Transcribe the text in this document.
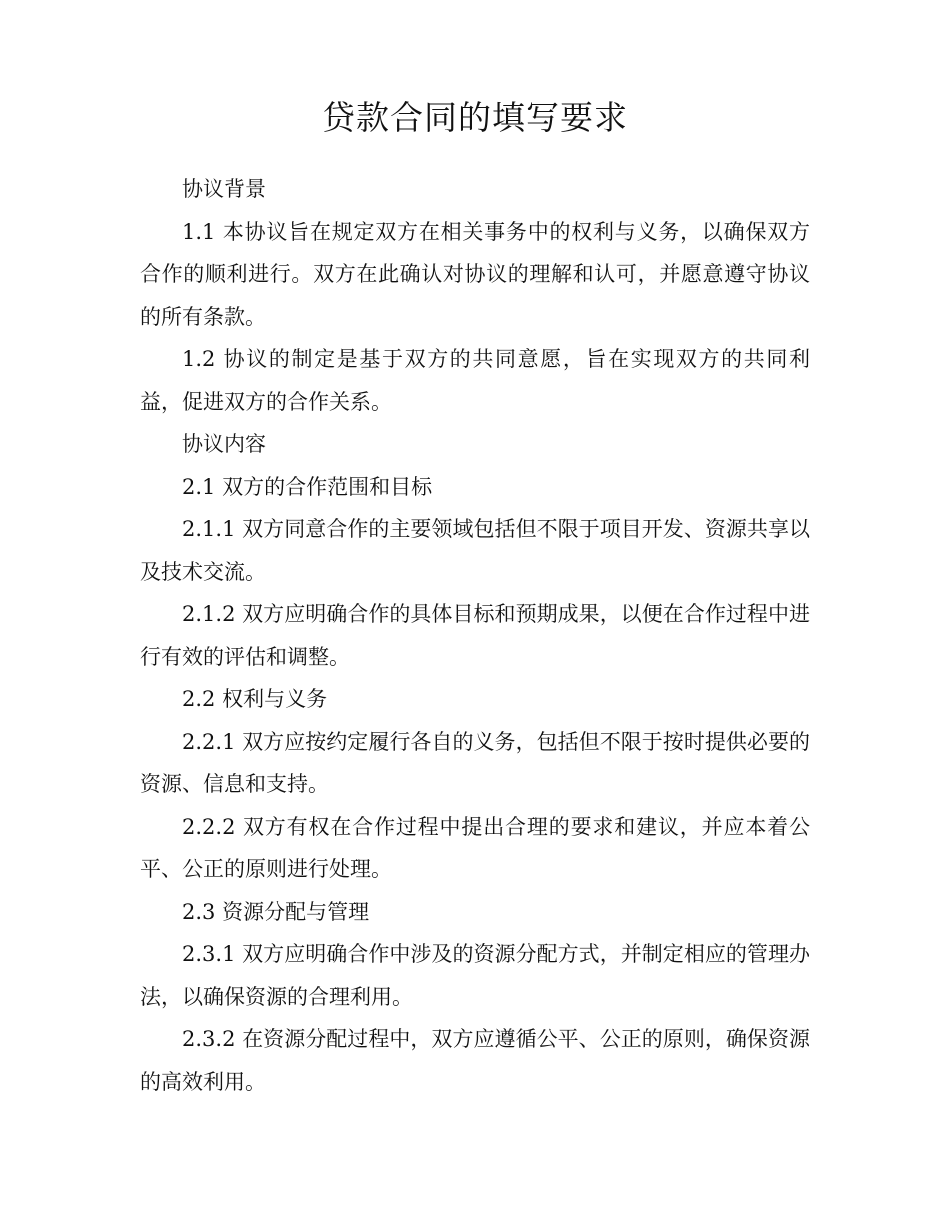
贷款合同的填写要求

协议背景

1.1 本协议旨在规定双方在相关事务中的权利与义务，以确保双方合作的顺利进行。双方在此确认对协议的理解和认可，并愿意遵守协议的所有条款。

1.2 协议的制定是基于双方的共同意愿，旨在实现双方的共同利益，促进双方的合作关系。

协议内容

2.1 双方的合作范围和目标

2.1.1 双方同意合作的主要领域包括但不限于项目开发、资源共享以及技术交流。

2.1.2 双方应明确合作的具体目标和预期成果，以便在合作过程中进行有效的评估和调整。

2.2 权利与义务

2.2.1 双方应按约定履行各自的义务，包括但不限于按时提供必要的资源、信息和支持。

2.2.2 双方有权在合作过程中提出合理的要求和建议，并应本着公平、公正的原则进行处理。

2.3 资源分配与管理

2.3.1 双方应明确合作中涉及的资源分配方式，并制定相应的管理办法，以确保资源的合理利用。

2.3.2 在资源分配过程中，双方应遵循公平、公正的原则，确保资源的高效利用。
